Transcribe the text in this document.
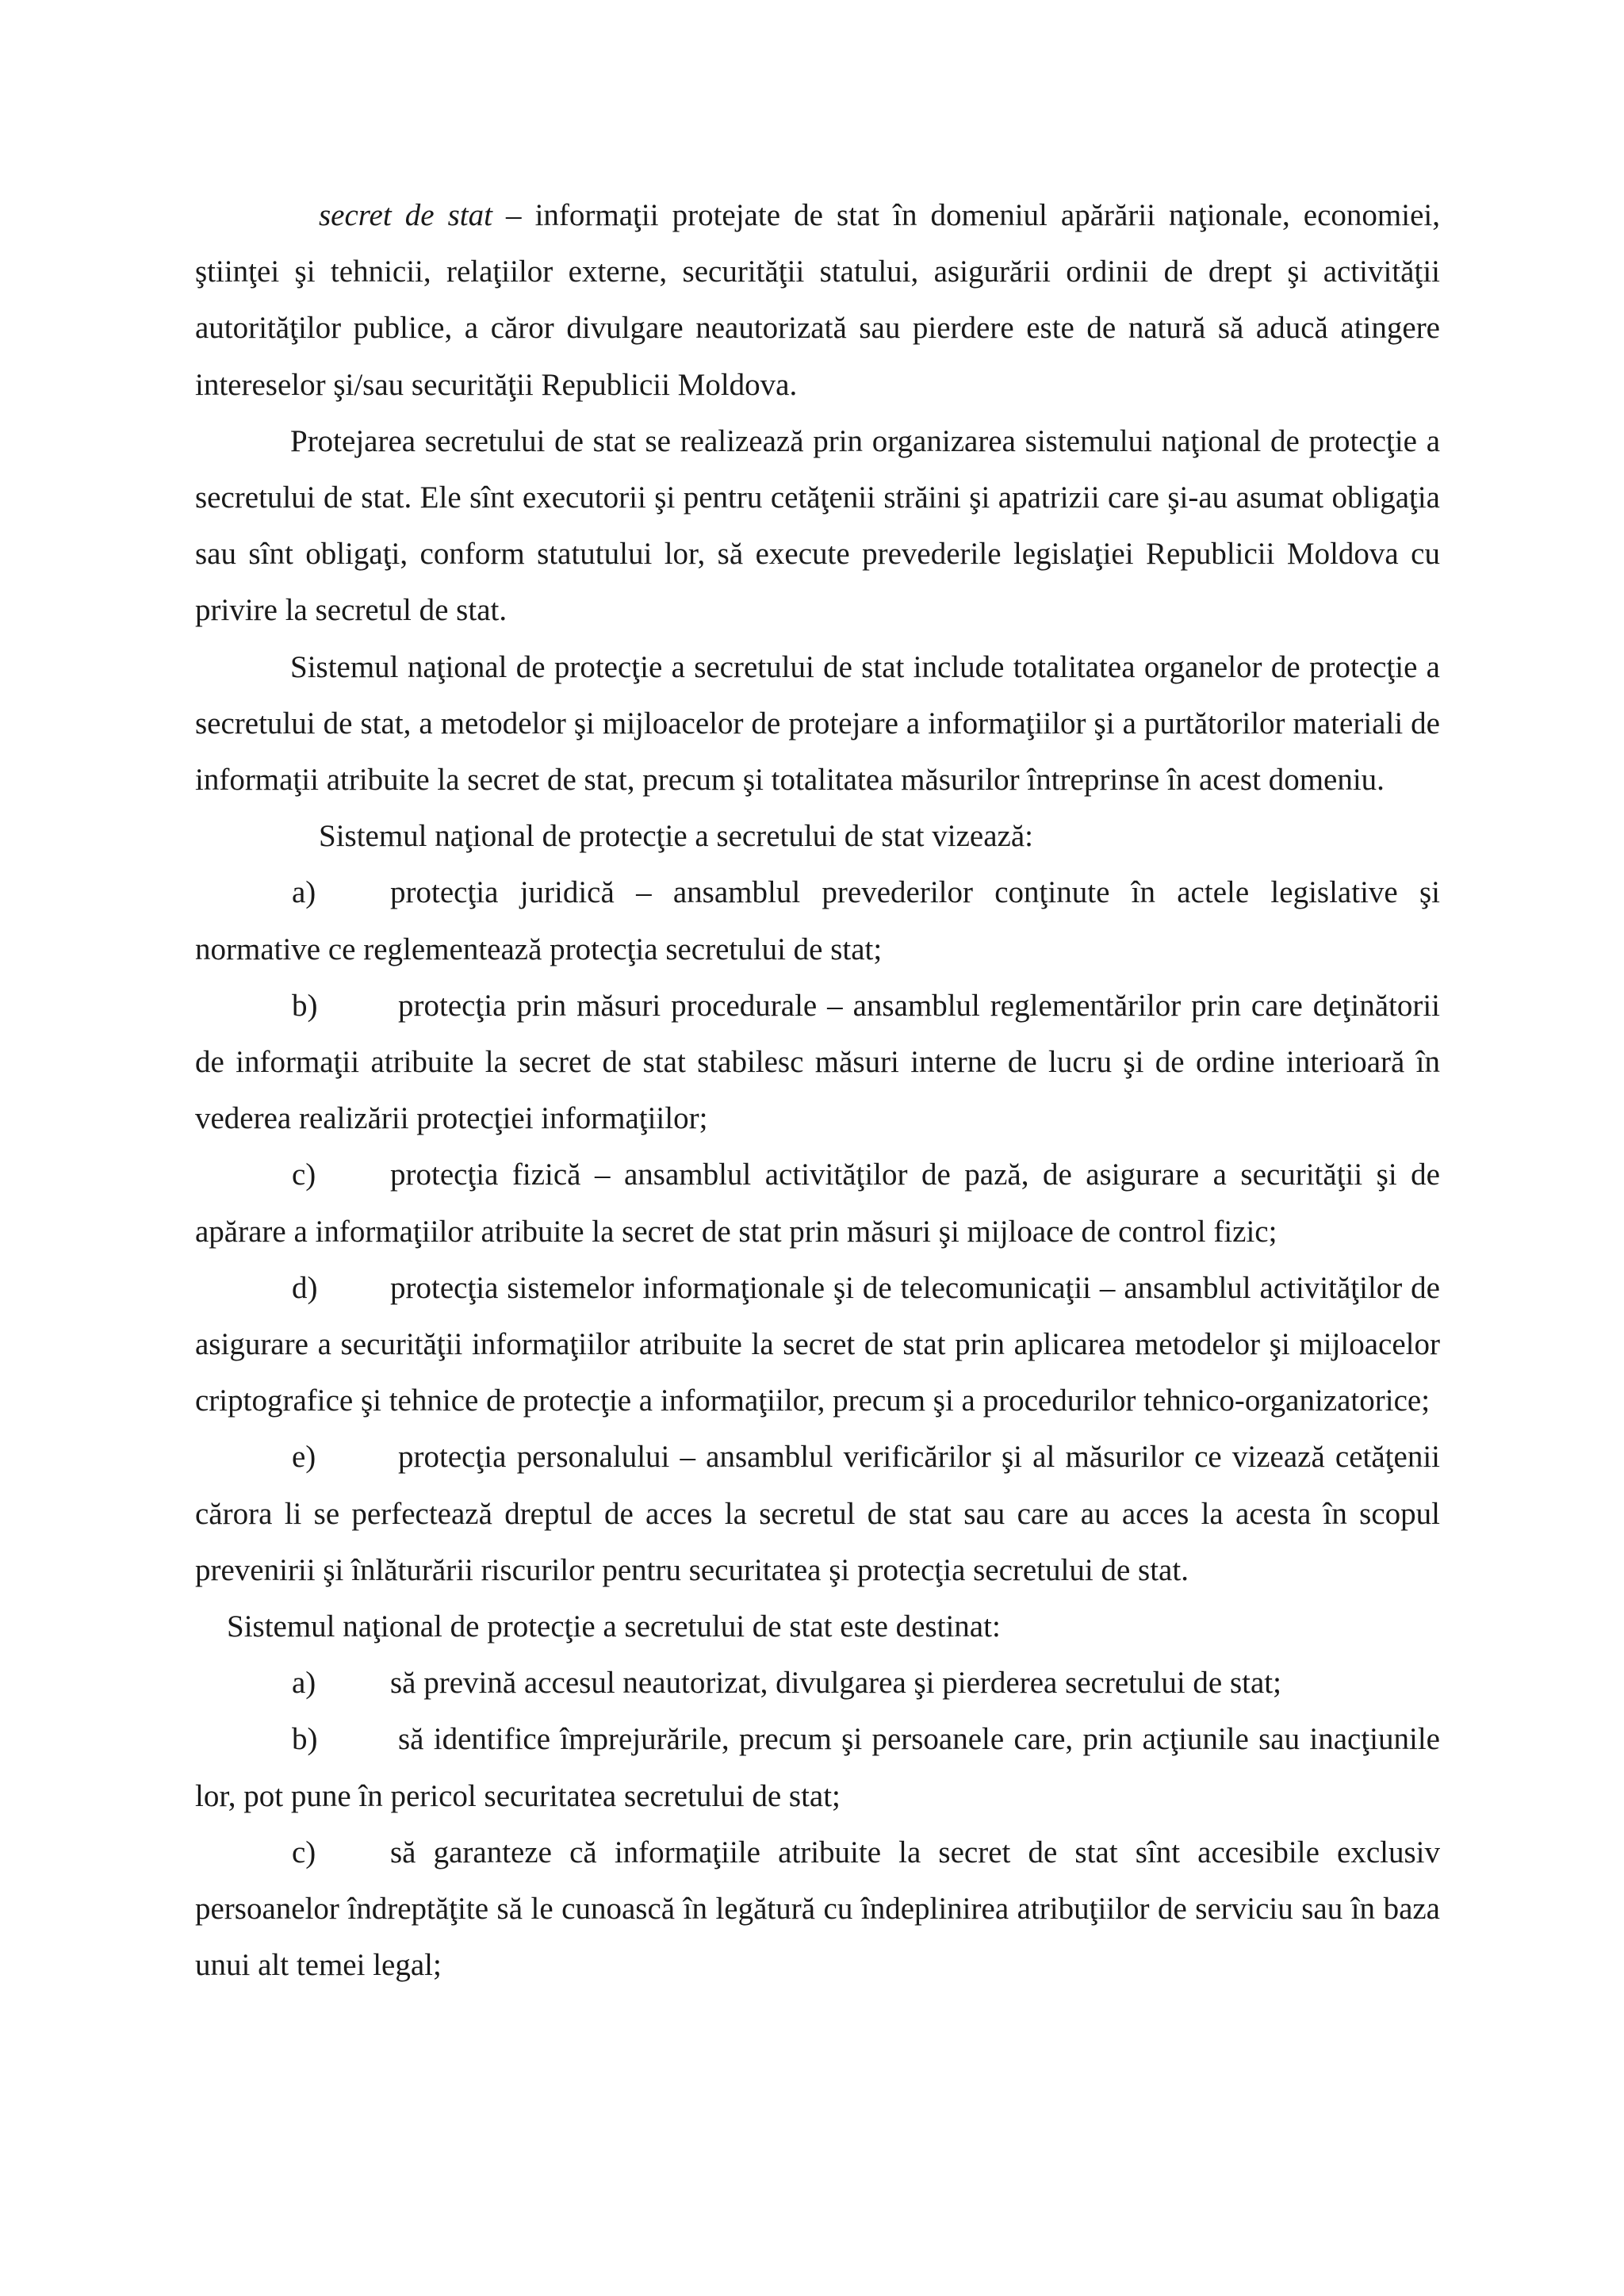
secret de stat – informaţii protejate de stat în domeniul apărării naţionale, economiei, ştiinţei şi tehnicii, relaţiilor externe, securităţii statului, asigurării ordinii de drept şi activităţii autorităţilor publice, a căror divulgare neautorizată sau pierdere este de natură să aducă atingere intereselor şi/sau securităţii Republicii Moldova.

Protejarea secretului de stat se realizează prin organizarea sistemului naţional de protecţie a secretului de stat. Ele sînt executorii şi pentru cetăţenii străini şi apatrizii care şi-au asumat obligaţia sau sînt obligaţi, conform statutului lor, să execute prevederile legislaţiei Republicii Moldova cu privire la secretul de stat.

Sistemul naţional de protecţie a secretului de stat include totalitatea organelor de protecţie a secretului de stat, a metodelor şi mijloacelor de protejare a informaţiilor şi a purtătorilor materiali de informaţii atribuite la secret de stat, precum şi totalitatea măsurilor întreprinse în acest domeniu.

Sistemul naţional de protecţie a secretului de stat vizează:

a) protecţia juridică – ansamblul prevederilor conţinute în actele legislative şi normative ce reglementează protecţia secretului de stat;

b)	protecţia prin măsuri procedurale – ansamblul reglementărilor prin care deţinătorii de informaţii atribuite la secret de stat stabilesc măsuri interne de lucru şi de ordine interioară în vederea realizării protecţiei informaţiilor;

c) protecţia fizică – ansamblul activităţilor de pază, de asigurare a securităţii şi de apărare a informaţiilor atribuite la secret de stat prin măsuri şi mijloace de control fizic;

d) protecţia sistemelor informaţionale şi de telecomunicaţii – ansamblul activităţilor de asigurare a securităţii informaţiilor atribuite la secret de stat prin aplicarea metodelor şi mijloacelor criptografice şi tehnice de protecţie a informaţiilor, precum şi a procedurilor tehnico-organizatorice;

e)	protecţia personalului – ansamblul verificărilor şi al măsurilor ce vizează cetăţenii cărora li se perfectează dreptul de acces la secretul de stat sau care au acces la acesta în scopul prevenirii şi înlăturării riscurilor pentru securitatea şi protecţia secretului de stat.

Sistemul naţional de protecţie a secretului de stat este destinat:

a) să prevină accesul neautorizat, divulgarea şi pierderea secretului de stat;

b)	să identifice împrejurările, precum şi persoanele care, prin acţiunile sau inacţiunile lor, pot pune în pericol securitatea secretului de stat;

c) să garanteze că informaţiile atribuite la secret de stat sînt accesibile exclusiv persoanelor îndreptăţite să le cunoască în legătură cu îndeplinirea atribuţiilor de serviciu sau în baza unui alt temei legal;
